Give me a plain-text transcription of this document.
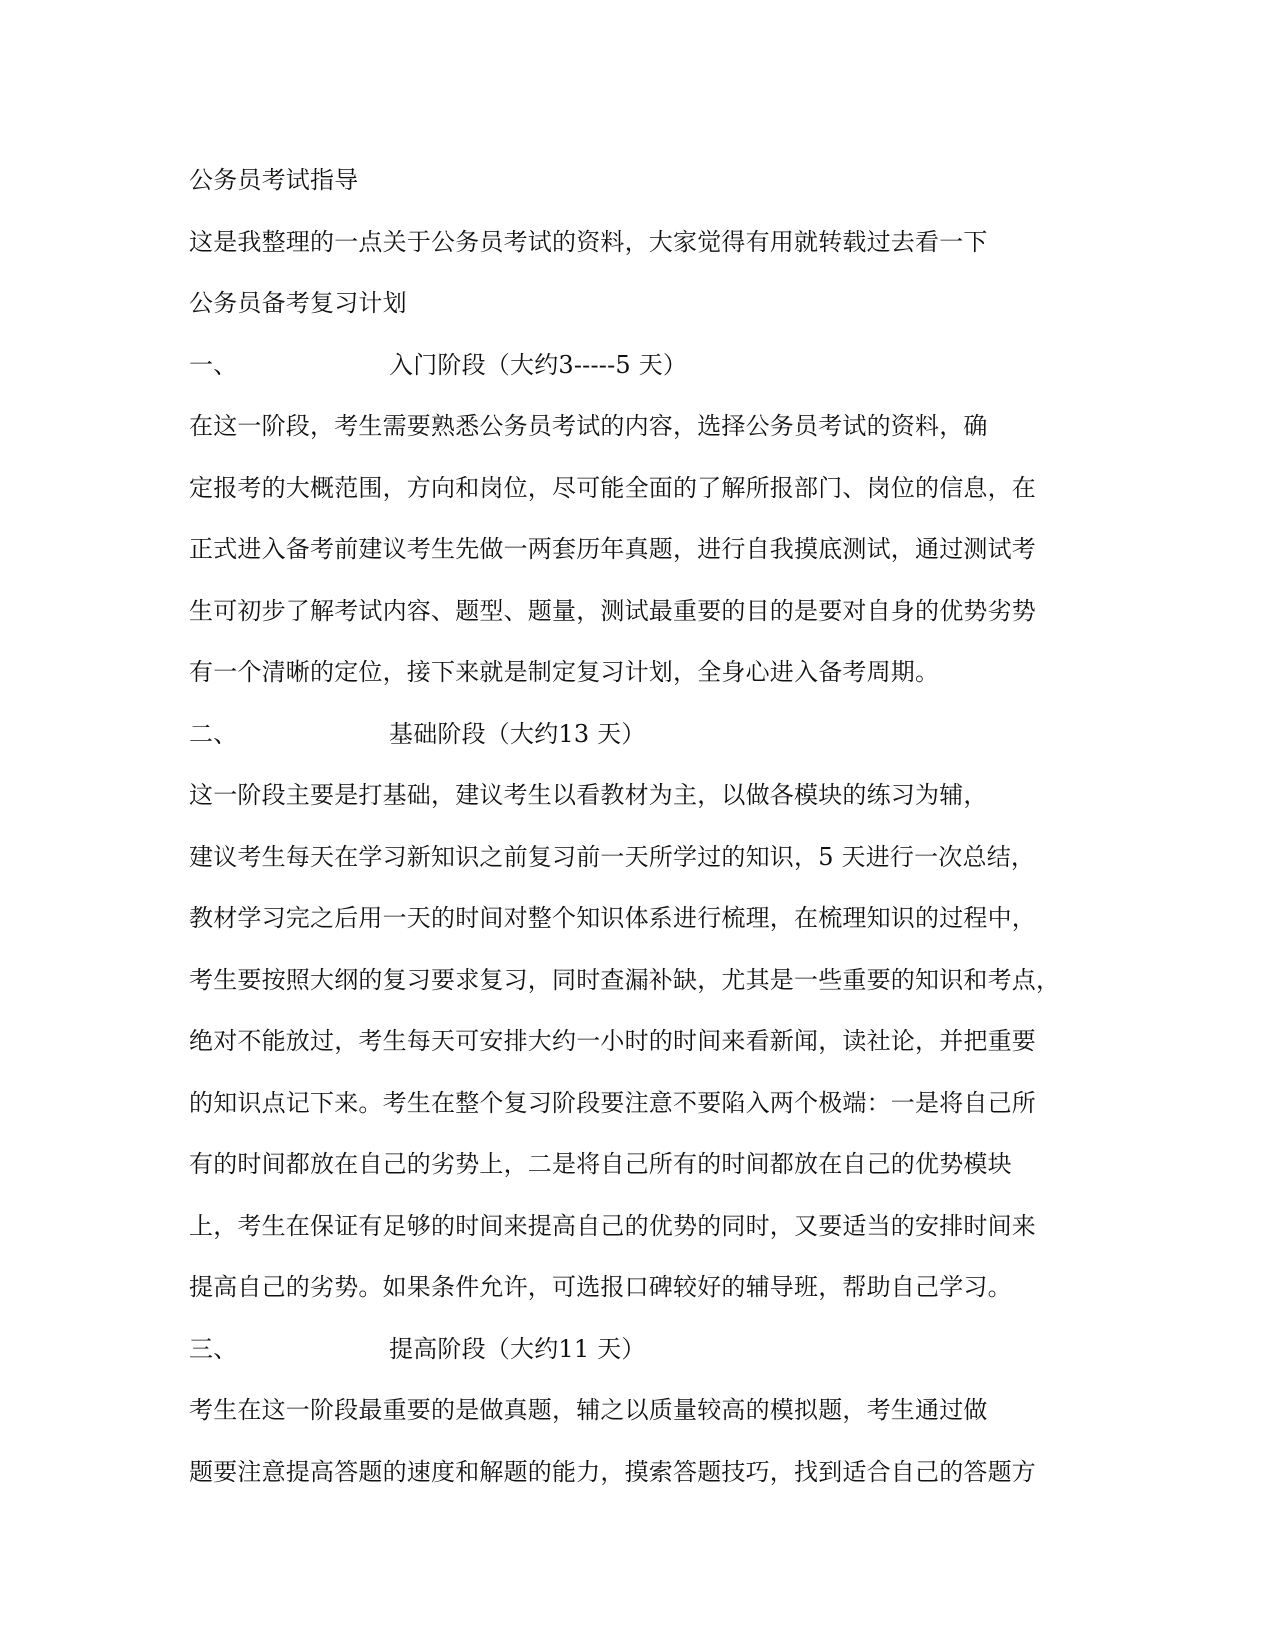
公务员考试指导
这是我整理的一点关于公务员考试的资料，大家觉得有用就转载过去看一下
公务员备考复习计划
一、	入门阶段（大约3-----5 天）
在这一阶段，考生需要熟悉公务员考试的内容，选择公务员考试的资料，确
定报考的大概范围，方向和岗位，尽可能全面的了解所报部门、岗位的信息，在
正式进入备考前建议考生先做一两套历年真题，进行自我摸底测试，通过测试考
生可初步了解考试内容、题型、题量，测试最重要的目的是要对自身的优势劣势
有一个清晰的定位，接下来就是制定复习计划，全身心进入备考周期。
二、	基础阶段（大约13 天）
这一阶段主要是打基础，建议考生以看教材为主，以做各模块的练习为辅，
建议考生每天在学习新知识之前复习前一天所学过的知识，5 天进行一次总结，
教材学习完之后用一天的时间对整个知识体系进行梳理，在梳理知识的过程中，
考生要按照大纲的复习要求复习，同时查漏补缺，尤其是一些重要的知识和考点，
绝对不能放过，考生每天可安排大约一小时的时间来看新闻，读社论，并把重要
的知识点记下来。考生在整个复习阶段要注意不要陷入两个极端：一是将自己所
有的时间都放在自己的劣势上，二是将自己所有的时间都放在自己的优势模块
上，考生在保证有足够的时间来提高自己的优势的同时，又要适当的安排时间来
提高自己的劣势。如果条件允许，可选报口碑较好的辅导班，帮助自己学习。
三、	提高阶段（大约11 天）
考生在这一阶段最重要的是做真题，辅之以质量较高的模拟题，考生通过做
题要注意提高答题的速度和解题的能力，摸索答题技巧，找到适合自己的答题方
